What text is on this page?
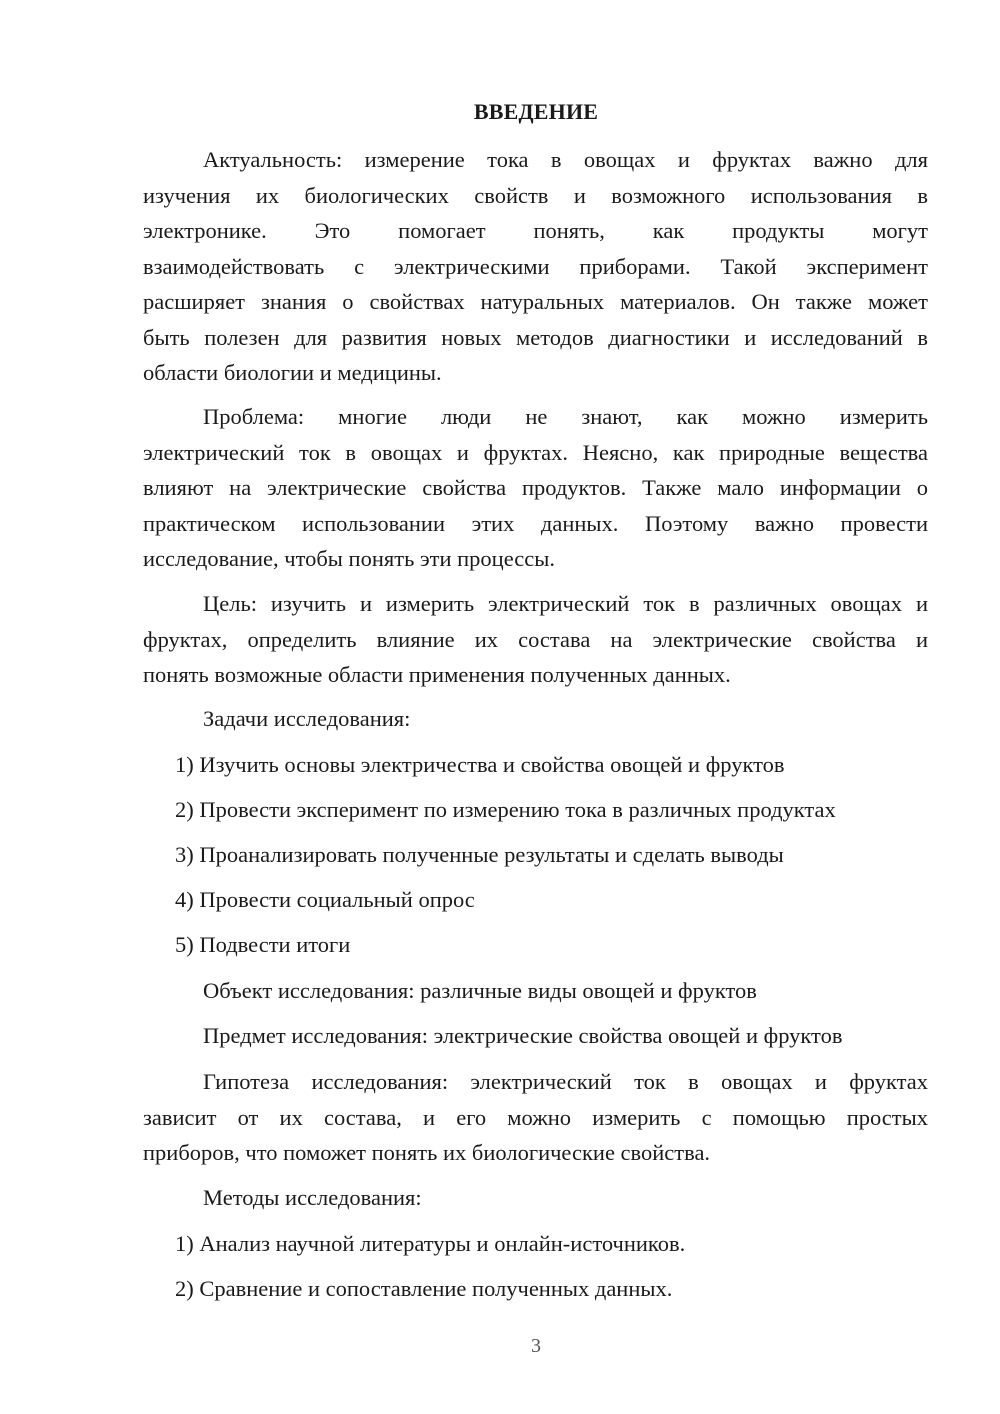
ВВЕДЕНИЕ

Актуальность: измерение тока в овощах и фруктах важно для

изучения их биологических свойств и возможного использования в

электронике. Это помогает понять, как продукты могут

взаимодействовать с электрическими приборами. Такой эксперимент

расширяет знания о свойствах натуральных материалов. Он также может

быть полезен для развития новых методов диагностики и исследований в

области биологии и медицины.

Проблема: многие люди не знают, как можно измерить

электрический ток в овощах и фруктах. Неясно, как природные вещества

влияют на электрические свойства продуктов. Также мало информации о

практическом использовании этих данных. Поэтому важно провести

исследование, чтобы понять эти процессы.

Цель: изучить и измерить электрический ток в различных овощах и

фруктах, определить влияние их состава на электрические свойства и

понять возможные области применения полученных данных.

Задачи исследования:

1) Изучить основы электричества и свойства овощей и фруктов

2) Провести эксперимент по измерению тока в различных продуктах

3) Проанализировать полученные результаты и сделать выводы

4) Провести социальный опрос

5) Подвести итоги

Объект исследования: различные виды овощей и фруктов

Предмет исследования: электрические свойства овощей и фруктов

Гипотеза исследования: электрический ток в овощах и фруктах

зависит от их состава, и его можно измерить с помощью простых

приборов, что поможет понять их биологические свойства.

Методы исследования:

1) Анализ научной литературы и онлайн-источников.

2) Сравнение и сопоставление полученных данных.

3
